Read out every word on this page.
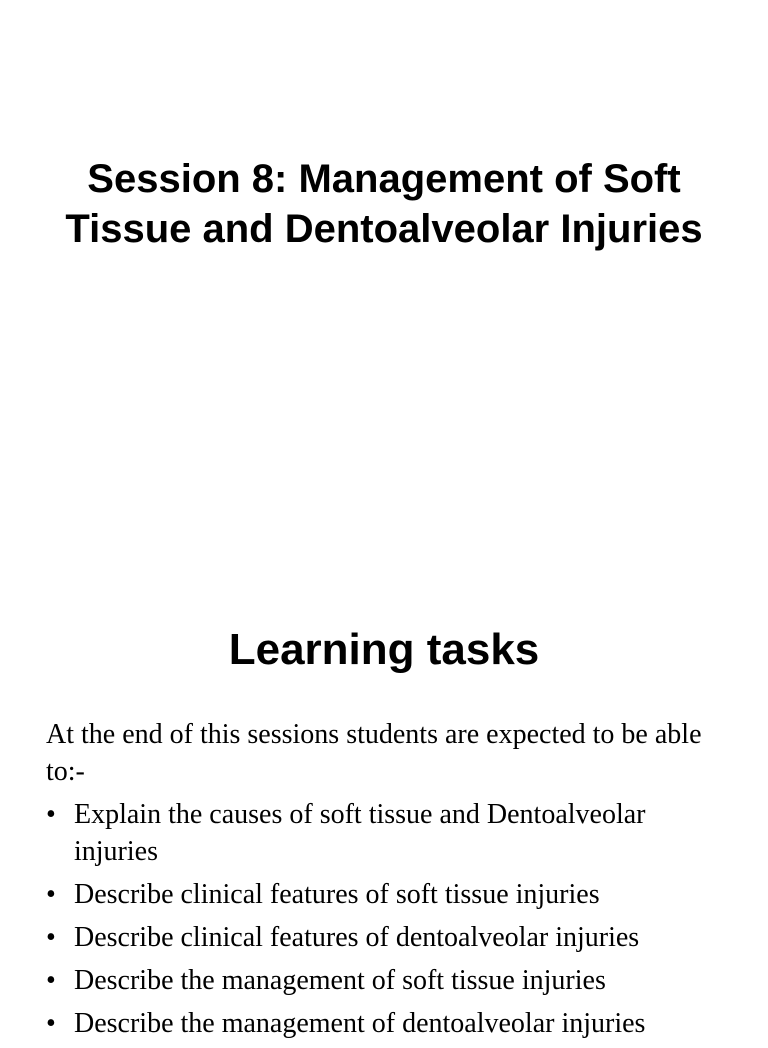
Session 8: Management of Soft Tissue and Dentoalveolar Injuries
Learning tasks

At the end of this sessions students are expected to be able to:-

• Explain the causes of soft tissue and Dentoalveolar injuries
• Describe clinical features of soft tissue injuries
• Describe clinical features of dentoalveolar injuries
• Describe the management of soft tissue injuries
• Describe the management of dentoalveolar injuries
